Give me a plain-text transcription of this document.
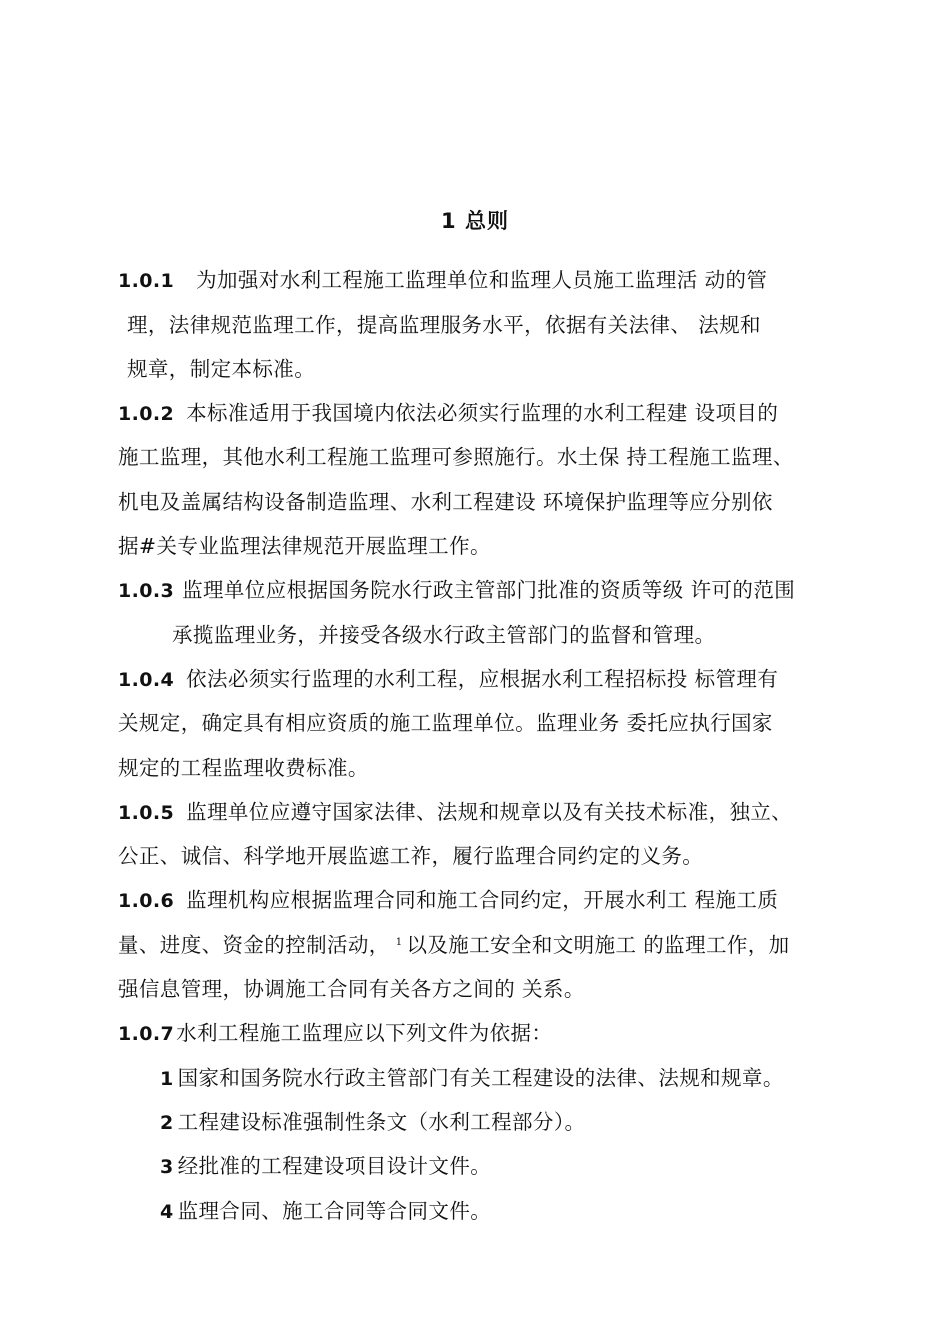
1 总则
1.0.1 为加强对水利工程施工监理单位和监理人员施工监理活 动的管
理，法律规范监理工作，提高监理服务水平，依据有关法律、 法规和
规章，制定本标准。
1.0.2 本标准适用于我国境内依法必须实行监理的水利工程建 设项目的
施工监理，其他水利工程施工监理可参照施行。水土保 持工程施工监理、
机电及盖属结构设备制造监理、水利工程建设 环境保护监理等应分别依
据#关专业监理法律规范开展监理工作。
1.0.3 监理单位应根据国务院水行政主管部门批准的资质等级 许可的范围
承揽监理业务，并接受各级水行政主管部门的监督和管理。
1.0.4 依法必须实行监理的水利工程，应根据水利工程招标投 标管理有
关规定，确定具有相应资质的施工监理单位。监理业务 委托应执行国家
规定的工程监理收费标准。
1.0.5 监理单位应遵守国家法律、法规和规章以及有关技术标准，独立、
公正、诚信、科学地开展监遮工祚，履行监理合同约定的义务。
1.0.6 监理机构应根据监理合同和施工合同约定，开展水利工 程施工质
量、进度、资金的控制活动， $^1$ 以及施工安全和文明施工 的监理工作，加
强信息管理，协调施工合同有关各方之间的 关系。
1.0.7水利工程施工监理应以下列文件为依据：
1 国家和国务院水行政主管部门有关工程建设的法律、法规和规章。
2 工程建设标准强制性条文（水利工程部分）。
3 经批准的工程建设项目设计文件。
4 监理合同、施工合同等合同文件。
